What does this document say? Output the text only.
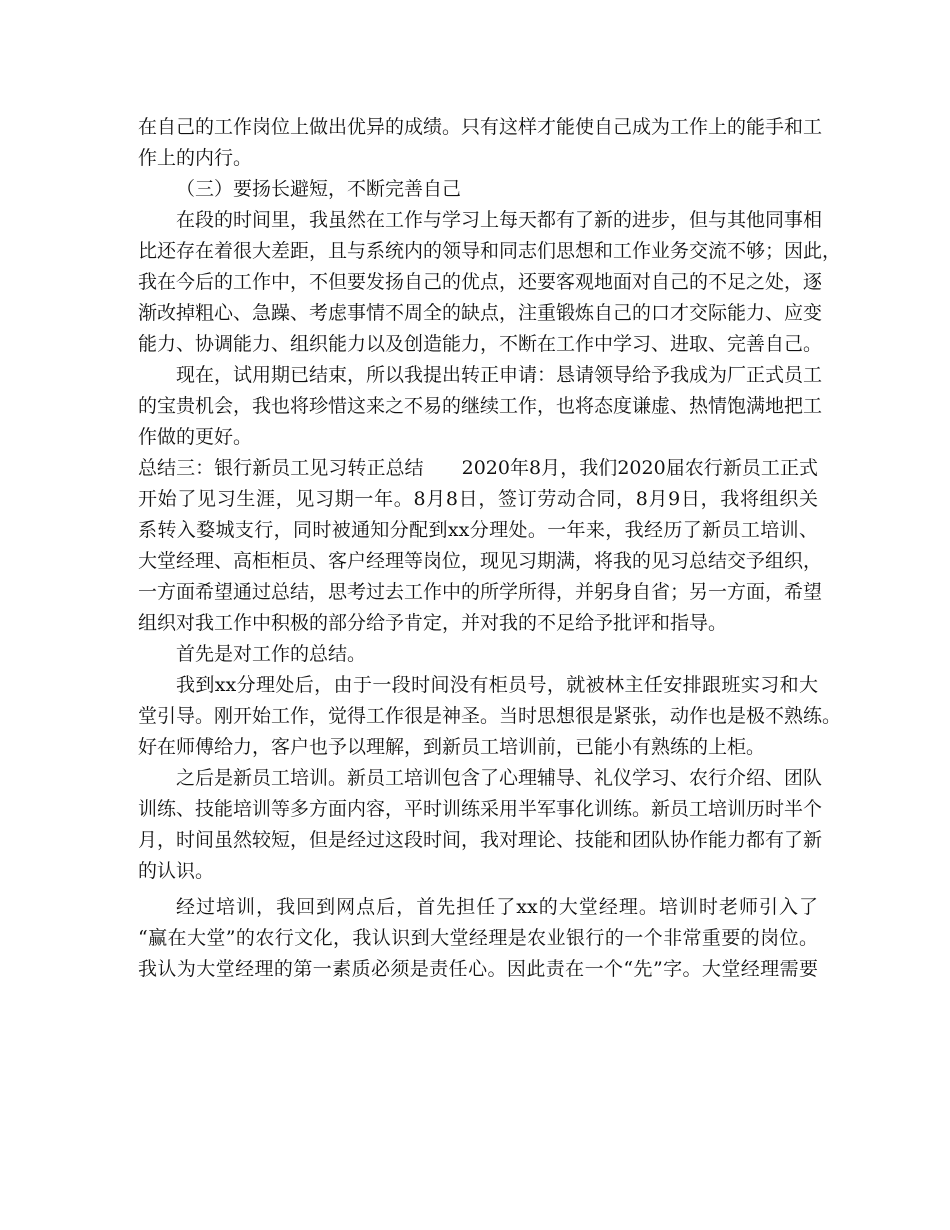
在自己的工作岗位上做出优异的成绩。只有这样才能使自己成为工作上的能手和工
作上的内行。
（三）要扬长避短，不断完善自己
在段的时间里，我虽然在工作与学习上每天都有了新的进步，但与其他同事相
比还存在着很大差距，且与系统内的领导和同志们思想和工作业务交流不够；因此，
我在今后的工作中，不但要发扬自己的优点，还要客观地面对自己的不足之处，逐
渐改掉粗心、急躁、考虑事情不周全的缺点，注重锻炼自己的口才交际能力、应变
能力、协调能力、组织能力以及创造能力，不断在工作中学习、进取、完善自己。
现在，试用期已结束，所以我提出转正申请：恳请领导给予我成为厂正式员工
的宝贵机会，我也将珍惜这来之不易的继续工作，也将态度谦虚、热情饱满地把工
作做的更好。
总结三：银行新员工见习转正总结　　2020年8月，我们2020届农行新员工正式
开始了见习生涯，见习期一年。8月8日，签订劳动合同，8月9日，我将组织关
系转入婺城支行，同时被通知分配到xx分理处。一年来，我经历了新员工培训、
大堂经理、高柜柜员、客户经理等岗位，现见习期满，将我的见习总结交予组织，
一方面希望通过总结，思考过去工作中的所学所得，并躬身自省；另一方面，希望
组织对我工作中积极的部分给予肯定，并对我的不足给予批评和指导。
首先是对工作的总结。
我到xx分理处后，由于一段时间没有柜员号，就被林主任安排跟班实习和大
堂引导。刚开始工作，觉得工作很是神圣。当时思想很是紧张，动作也是极不熟练。
好在师傅给力，客户也予以理解，到新员工培训前，已能小有熟练的上柜。
之后是新员工培训。新员工培训包含了心理辅导、礼仪学习、农行介绍、团队
训练、技能培训等多方面内容，平时训练采用半军事化训练。新员工培训历时半个
月，时间虽然较短，但是经过这段时间，我对理论、技能和团队协作能力都有了新
的认识。
经过培训，我回到网点后，首先担任了xx的大堂经理。培训时老师引入了
“赢在大堂”的农行文化，我认识到大堂经理是农业银行的一个非常重要的岗位。
我认为大堂经理的第一素质必须是责任心。因此责在一个“先”字。大堂经理需要
